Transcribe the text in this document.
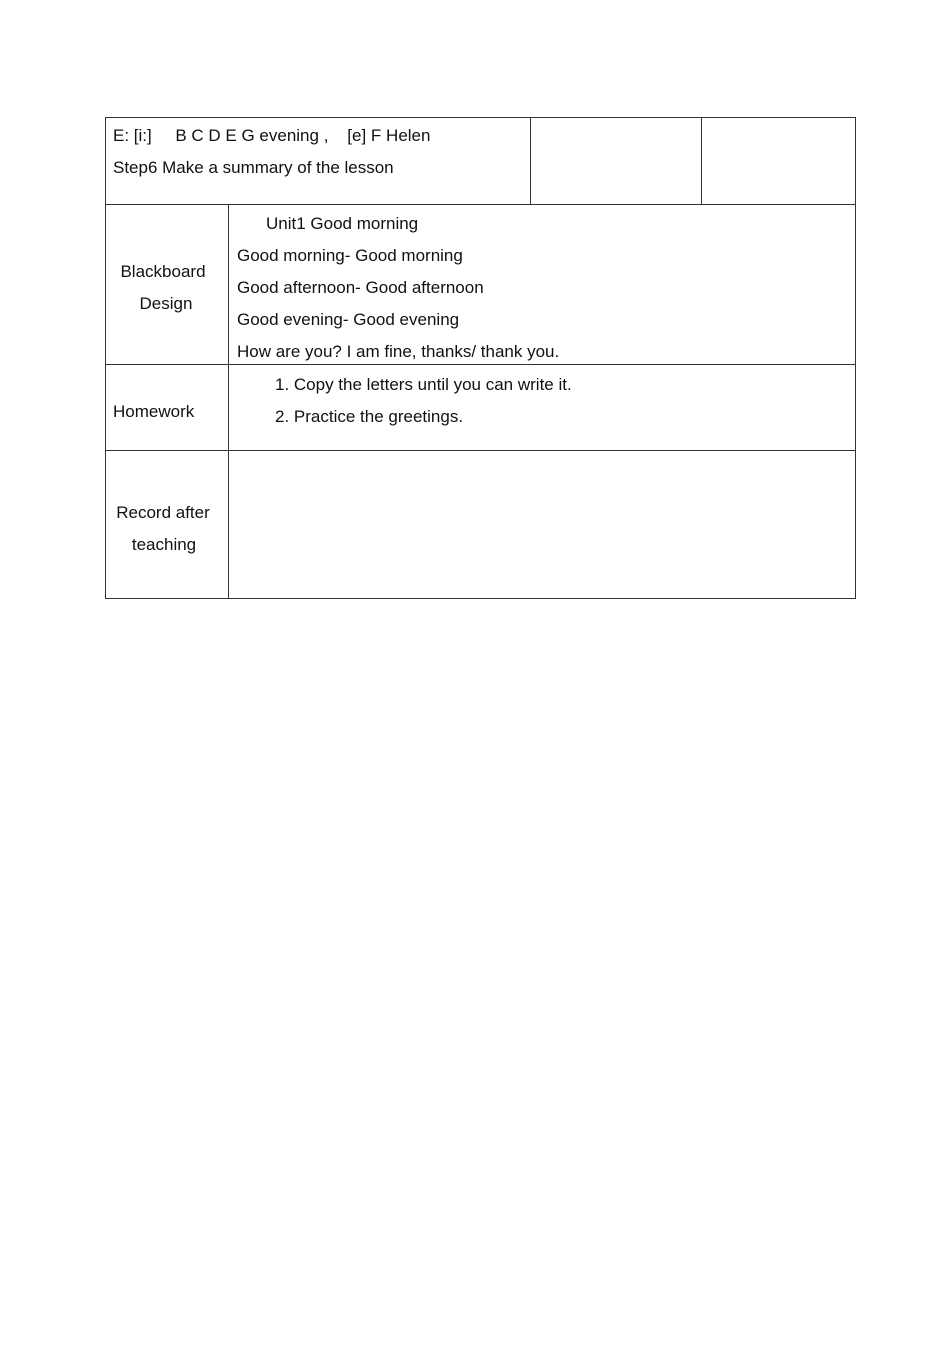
E: [i:]     B C D E G evening ,    [e] F Helen
Step6 Make a summary of the lesson
Blackboard
Design
Unit1 Good morning
Good morning- Good morning
Good afternoon- Good afternoon
Good evening- Good evening
How are you? I am fine, thanks/ thank you.
Homework
1. Copy the letters until you can write it.
2. Practice the greetings.
Record after
teaching
